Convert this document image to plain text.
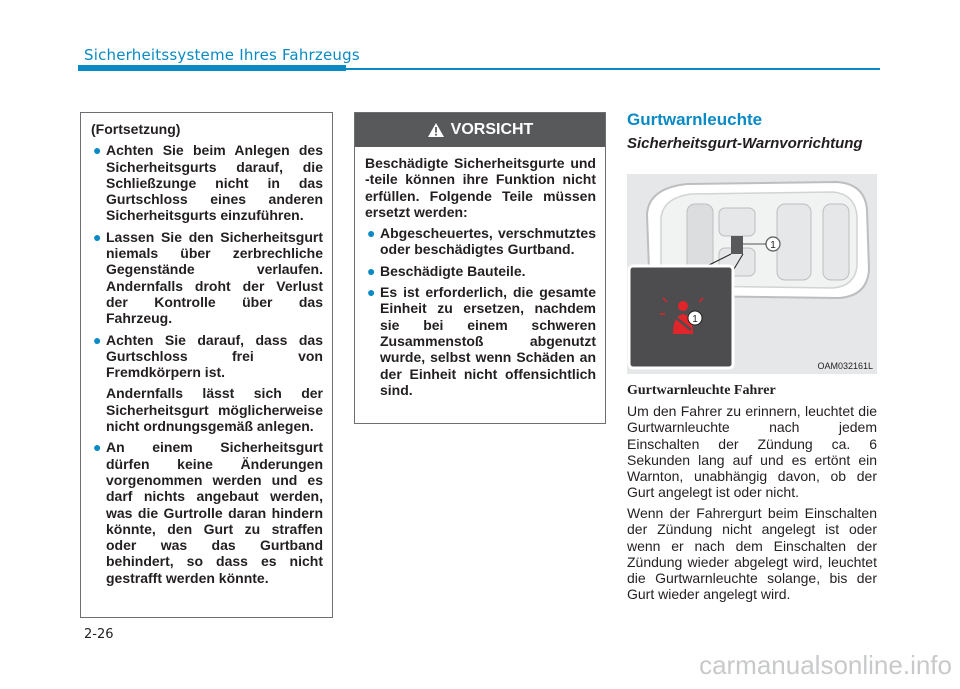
Sicherheitssysteme Ihres Fahrzeugs

(Fortsetzung)

● Achten Sie beim Anlegen des Sicherheitsgurts darauf, die Schließzunge nicht in das Gurtschloss eines anderen Sicherheitsgurts einzuführen.
● Lassen Sie den Sicherheitsgurt niemals über zerbrechliche Gegenstände verlaufen. Andernfalls droht der Verlust der Kontrolle über das Fahrzeug.
● Achten Sie darauf, dass das Gurtschloss frei von Fremdkörpern ist.
Andernfalls lässt sich der Sicherheitsgurt möglicherweise nicht ordnungsgemäß anlegen.
● An einem Sicherheitsgurt dürfen keine Änderungen vorgenommen werden und es darf nichts angebaut werden, was die Gurtrolle daran hindern könnte, den Gurt zu straffen oder was das Gurtband behindert, so dass es nicht gestrafft werden könnte.
VORSICHT

Beschädigte Sicherheitsgurte und -teile können ihre Funktion nicht erfüllen. Folgende Teile müssen ersetzt werden:

● Abgescheuertes, verschmutztes oder beschädigtes Gurtband.
● Beschädigte Bauteile.
● Es ist erforderlich, die gesamte Einheit zu ersetzen, nachdem sie bei einem schweren Zusammenstoß abgenutzt wurde, selbst wenn Schäden an der Einheit nicht offensichtlich sind.
Gurtwarnleuchte
Sicherheitsgurt-Warnvorrichtung
1
1
OAM032161L
Gurtwarnleuchte Fahrer

Um den Fahrer zu erinnern, leuchtet die Gurtwarnleuchte nach jedem Einschalten der Zündung ca. 6 Sekunden lang auf und es ertönt ein Warnton, unabhängig davon, ob der Gurt angelegt ist oder nicht.

Wenn der Fahrergurt beim Einschalten der Zündung nicht angelegt ist oder wenn er nach dem Einschalten der Zündung wieder abgelegt wird, leuchtet die Gurtwarnleuchte solange, bis der Gurt wieder angelegt wird.

2-26
carmanualsonline.info
